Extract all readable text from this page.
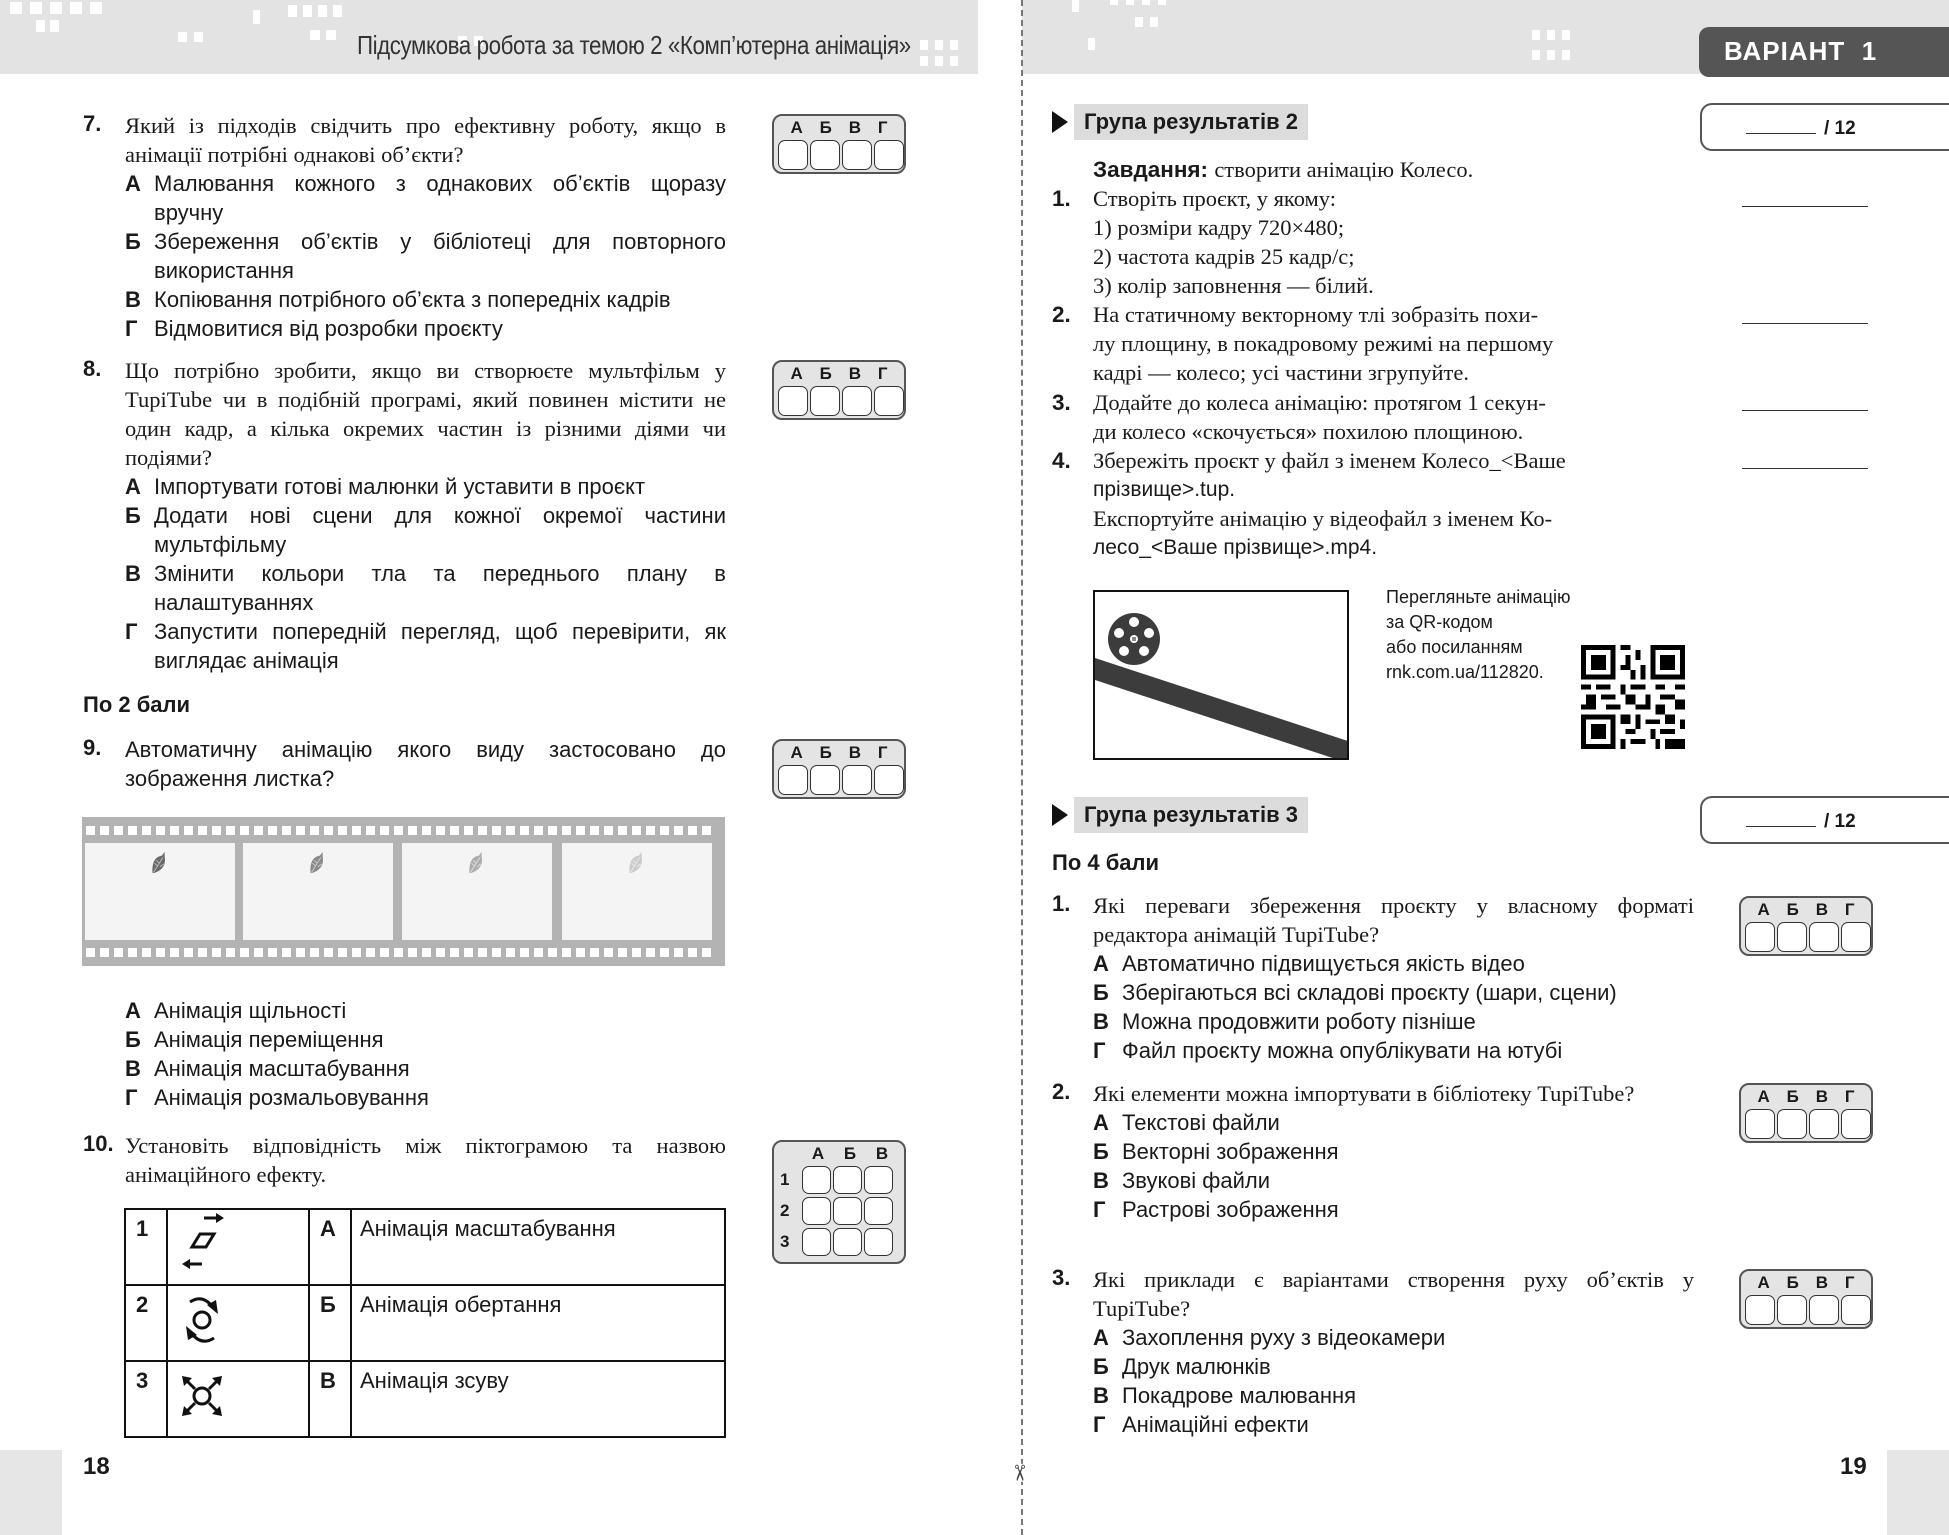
Підсумкова робота за темою 2 «Комп’ютерна анімація»	ВАРІАНТ 1
✂
18	19
7. Який із підходів свідчить про ефективну роботу, якщо в анімації потрібні однакові об’єкти?
А Малювання кожного з однакових об’єктів щоразу вручну
Б Збереження об’єктів у бібліотеці для повторного використання
В Копіювання потрібного об’єкта з попередніх кадрів
Г Відмовитися від розробки проєкту
А Б В Г
8. Що потрібно зробити, якщо ви створюєте мультфільм у TupiTube чи в подібній програмі, який повинен містити не один кадр, а кілька окремих частин із різними діями чи подіями?
А Імпортувати готові малюнки й уставити в проєкт
Б Додати нові сцени для кожної окремої частини мультфільму
В Змінити кольори тла та переднього плану в налаштуваннях
Г Запустити попередній перегляд, щоб перевірити, як виглядає анімація
А Б В Г
По 2 бали
9. Автоматичну анімацію якого виду застосовано до зображення листка?
А Б В Г
А Анімація щільності
Б Анімація переміщення
В Анімація масштабування
Г Анімація розмальовування
10. Установіть відповідність між піктограмою та назвою анімаційного ефекту.
А	Б	В
1
2
3
1		А	Анімація масштабування
2		Б	Анімація обертання
3		В	Анімація зсуву
Група результатів 2	/ 12
Завдання: створити анімацію Колесо.
1. Створіть проєкт, у якому:
1) розміри кадру 720×480;
2) частота кадрів 25 кадр/с;
3) колір заповнення — білий.
2. На статичному векторному тлі зобразіть похи-
лу площину, в покадровому режимі на першому
кадрі — колесо; усі частини згрупуйте.
3. Додайте до колеса анімацію: протягом 1 секун-
ди колесо «скочується» похилою площиною.
4. Збережіть проєкт у файл з іменем Колесо_<Ваше
прізвище>.tup.
Експортуйте анімацію у відеофайл з іменем Ко-
лесо_<Ваше прізвище>.mp4.
Перегляньте анімацію
за QR-кодом
або посиланням
rnk.com.ua/112820.
Група результатів 3	/ 12
По 4 бали
1. Які переваги збереження проєкту у власному форматі редактора анімацій TupiTube?
А Автоматично підвищується якість відео
Б Зберігаються всі складові проєкту (шари, сцени)
В Можна продовжити роботу пізніше
Г Файл проєкту можна опублікувати на ютубі
А Б В Г
2. Які елементи можна імпортувати в бібліотеку TupiTube?
А Текстові файли
Б Векторні зображення
В Звукові файли
Г Растрові зображення
А Б В Г
3. Які приклади є варіантами створення руху об’єктів у TupiTube?
А Захоплення руху з відеокамери
Б Друк малюнків
В Покадрове малювання
Г Анімаційні ефекти
А Б В Г
